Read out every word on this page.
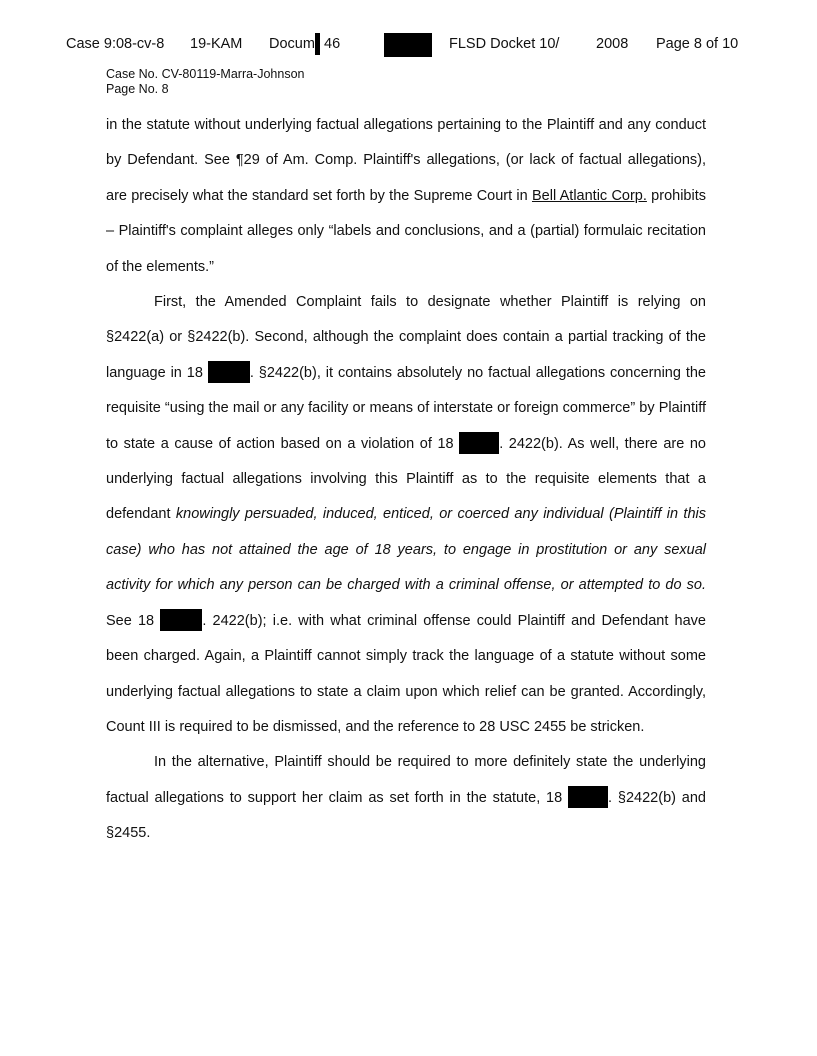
Case 9:08-cv-8 19-KAM Docum 46	FLSD Docket 10/	2008 Page 8 of 10
Case No. CV-80119-Marra-Johnson
Page No. 8

in the statute without underlying factual allegations pertaining to the Plaintiff and any conduct by Defendant. See ¶29 of Am. Comp. Plaintiff's allegations, (or lack of factual allegations), are precisely what the standard set forth by the Supreme Court in Bell Atlantic Corp. prohibits – Plaintiff's complaint alleges only “labels and conclusions, and a (partial) formulaic recitation of the elements.”

First, the Amended Complaint fails to designate whether Plaintiff is relying on §2422(a) or §2422(b). Second, although the complaint does contain a partial tracking of the language in 18	. §2422(b), it contains absolutely no factual allegations concerning the requisite “using the mail or any facility or means of interstate or foreign commerce” by Plaintiff to state a cause of action based on a violation of 18	. 2422(b). As well, there are no underlying factual allegations involving this Plaintiff as to the requisite elements that a defendant knowingly persuaded, induced, enticed, or coerced any individual (Plaintiff in this case) who has not attained the age of 18 years, to engage in prostitution or any sexual activity for which any person can be charged with a criminal offense, or attempted to do so. See 18	. 2422(b); i.e. with what criminal offense could Plaintiff and Defendant have been charged. Again, a Plaintiff cannot simply track the language of a statute without some underlying factual allegations to state a claim upon which relief can be granted. Accordingly, Count III is required to be dismissed, and the reference to 28 USC 2455 be stricken.

In the alternative, Plaintiff should be required to more definitely state the underlying factual allegations to support her claim as set forth in the statute, 18	. §2422(b) and §2455.
